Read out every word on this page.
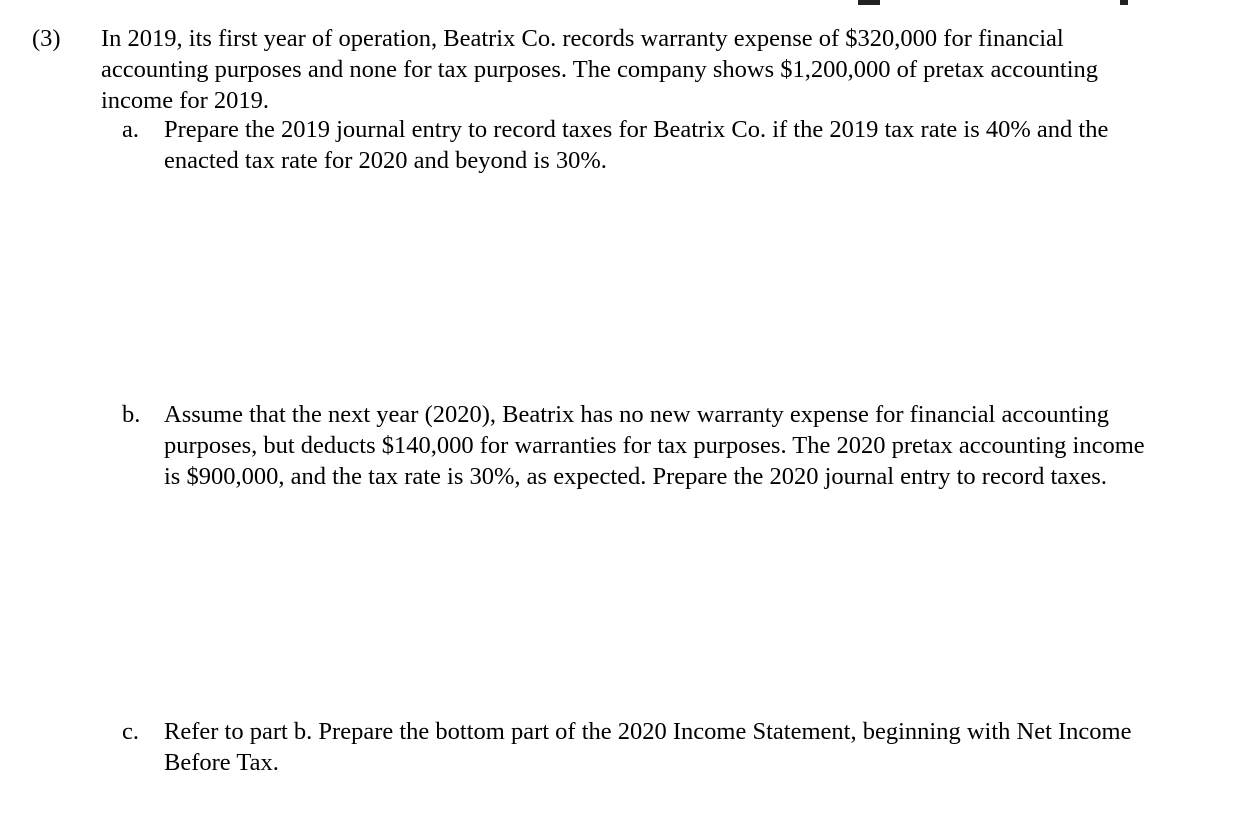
(3) In 2019, its first year of operation, Beatrix Co. records warranty expense of $320,000 for financial
accounting purposes and none for tax purposes. The company shows $1,200,000 of pretax accounting
income for 2019.
a. Prepare the 2019 journal entry to record taxes for Beatrix Co. if the 2019 tax rate is 40% and the
enacted tax rate for 2020 and beyond is 30%.
b. Assume that the next year (2020), Beatrix has no new warranty expense for financial accounting
purposes, but deducts $140,000 for warranties for tax purposes. The 2020 pretax accounting income
is $900,000, and the tax rate is 30%, as expected. Prepare the 2020 journal entry to record taxes.
c. Refer to part b. Prepare the bottom part of the 2020 Income Statement, beginning with Net Income
Before Tax.
